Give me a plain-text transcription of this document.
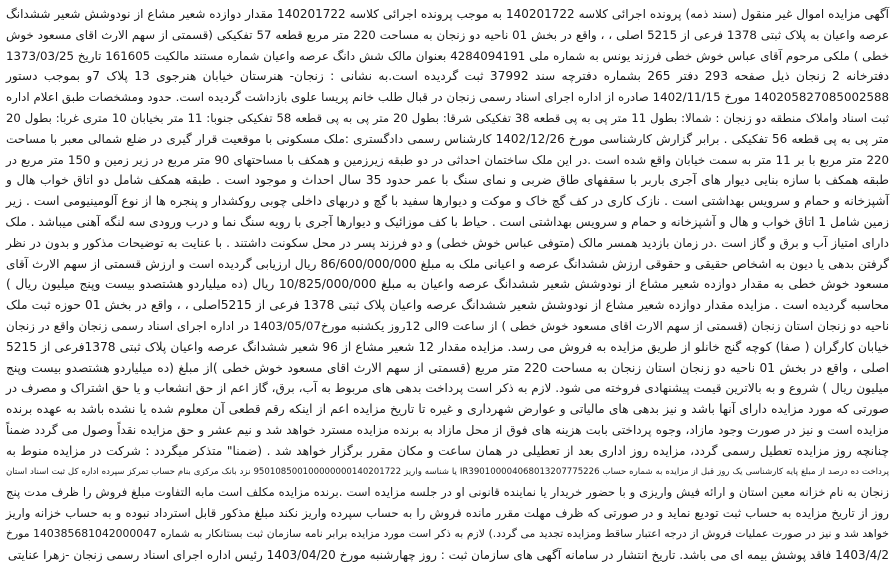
آگهی مزایده اموال غیر منقول (سند ذمه) پرونده اجرائی کلاسه 140201722 به موجب پرونده اجرائی کلاسه 140201722 مقدار دوازده شعیر مشاع از نودوشش شعیر ششدانگ
عرصه واعیان به پلاک ثبتی 1378 فرعی از 5215 اصلی ، ، واقع در بخش 01 ناحیه دو زنجان به مساحت 220 متر مربع قطعه 57 تفکیکی (قسمتی از سهم الارث اقای مسعود خوش
خطی ) ملکی مرحوم آقای عباس خوش خطی فرزند یونس به شماره ملی 4284094191 بعنوان مالک شش دانگ عرصه واعیان شماره مستند مالکیت 161605 تاریخ 1373/03/25
دفترخانه 2 زنجان ذیل صفحه 293 دفتر 265 بشماره دفترچه سند 37992 ثبت گردیده است.به نشانی : زنجان- هنرستان خیابان هنرجوی 13 پلاک 7و بموجب دستور
140205827085002588 مورخ 1402/11/15 صادره از اداره اجرای اسناد رسمی زنجان در قبال طلب خانم پریسا علوی بازداشت گردیده است. حدود ومشخصات طبق اعلام اداره
ثبت اسناد واملاک منطقه دو زنجان : شمالا: بطول 11 متر پی به پی قطعه 38 تفکیکی شرقا: بطول 20 متر پی به پی قطعه 58 تفکیکی جنوبا: 11 متر بخیابان 10 متری غربا: بطول 20
متر پی به پی قطعه 56 تفکیکی . برابر گزارش کارشناسی مورخ 1402/12/26 کارشناس رسمی دادگستری :ملک مسکونی با موقعیت قرار گیری در ضلع شمالی معبر با مساحت
220 متر مربع با بر 11 متر به سمت خیابان واقع شده است .در این ملک ساختمان احداثی در دو طبقه زیرزمین و همکف با مساحتهای 90 متر مربع در زیر زمین و 150 متر مربع در
طبقه همکف با سازه بنایی دیوار های آجری باربر با سقفهای طاق ضربی و نمای سنگ با عمر حدود 35 سال احداث و موجود است . طبقه همکف شامل دو اتاق خواب هال و
آشپزخانه و حمام و سرویس بهداشتی است . نازک کاری در کف گچ خاک و موکت و دیوارها سفید با گچ و دربهای داخلی چوبی روکشدار و پنجره ها از نوع آلومینیومی است . زیر
زمین شامل 1 اتاق خواب و هال و آشپزخانه و حمام و سرویس بهداشتی است . حیاط با کف موزائیک و دیوارها آجری با رویه سنگ نما و درب ورودی سه لنگه آهنی میباشد . ملک
دارای امتیاز آب و برق و گاز است .در زمان بازدید همسر مالک (متوفی عباس خوش خطی) و دو فرزند پسر در محل سکونت داشتند . با عنایت به توضیحات مذکور و بدون در نظر
گرفتن بدهی یا دیون به اشخاص حقیقی و حقوقی ارزش ششدانگ عرصه و اعیانی ملک به مبلغ 86/600/000/000 ریال ارزیابی گردیده است و ارزش قسمتی از سهم الارث آقای
مسعود خوش خطی به مقدار دوازده شعیر مشاع از نودوشش شعیر ششدانگ عرصه واعیان به مبلغ 10/825/000/000 ریال (ده میلیاردو هشتصدو بیست وپنج میلیون ریال )
محاسبه گردیده است . مزایده مقدار دوازده شعیر مشاع از نودوشش شعیر ششدانگ عرصه واعیان پلاک ثبتی 1378 فرعی از 5215اصلی ، ، واقع در بخش 01 حوزه ثبت ملک
ناحیه دو زنجان استان زنجان (قسمتی از سهم الارث اقای مسعود خوش خطی ) از ساعت 9الی 12روز یکشنبه مورخ1403/05/07 در اداره اجرای اسناد رسمی زنجان واقع در زنجان
خیابان کارگران ( صفا) کوچه گنج خانلو از طریق مزایده به فروش می رسد. مزایده مقدار 12 شعیر مشاع از 96 شعیر ششدانگ عرصه واعیان پلاک ثبتی 1378فرعی از 5215
اصلی ، واقع در بخش 01 ناحیه دو زنجان استان زنجان به مساحت 220 متر مربع (قسمتی از سهم الارث اقای مسعود خوش خطی )از مبلغ (ده میلیاردو هشتصدو بیست وپنج
میلیون ریال ) شروع و به بالاترین قیمت پیشنهادی فروخته می شود. لازم به ذکر است پرداخت بدهی های مربوط به آب، برق، گاز اعم از حق انشعاب و یا حق اشتراک و مصرف در
صورتی که مورد مزایده دارای آنها باشد و نیز بدهی های مالیاتی و عوارض شهرداری و غیره تا تاریخ مزایده اعم از اینکه رقم قطعی آن معلوم شده یا نشده باشد به عهده برنده
مزایده است و نیز در صورت وجود مازاد، وجوه پرداختی بابت هزینه های فوق از محل مازاد به برنده مزایده مسترد خواهد شد و نیم عشر و حق مزایده نقداً وصول می گردد ضمناً
چنانچه روز مزایده تعطیل رسمی گردد، مزایده روز اداری بعد از تعطیلی در همان ساعت و مکان مقرر برگزار خواهد شد . (ضمنا" متذکر میگردد : شرکت در مزایده منوط به
پرداخت ده درصد از مبلغ پایه کارشناسی یک روز قبل از مزایده به شماره حساب IR390100004068013207775226 یا شناسه واریز 950108500100000000140201722 نزد بانک مرکزی بنام حساب تمرکز سپرده اداره کل ثبت اسناد استان
زنجان به نام خزانه معین استان و ارائه فیش واریزی و با حضور خریدار یا نماینده قانونی او در جلسه مزایده است .برنده مزایده مکلف است مابه التفاوت مبلغ فروش را ظرف مدت پنج
روز از تاریخ مزایده به حساب ثبت تودیع نماید و در صورتی که ظرف مهلت مقرر مانده فروش را به حساب سپرده واریز نکند مبلغ مذکور قابل استرداد نبوده و به حساب خزانه واریز
خواهد شد و نیز در صورت عملیات فروش از درجه اعتبار ساقط ومزایده تجدید می گردد.) لازم به ذکر است مورد مزایده برابر نامه سازمان ثبت بستانکار به شماره 140385681042000047 مورخ
1403/4/2 فاقد پوشش بیمه ای می باشد. تاریخ انتشار در سامانه آگهی های سازمان ثبت : روز چهارشنبه مورخ 1403/04/20 رئیس اداره اجرای اسناد رسمی زنجان -زهرا عنایتی
